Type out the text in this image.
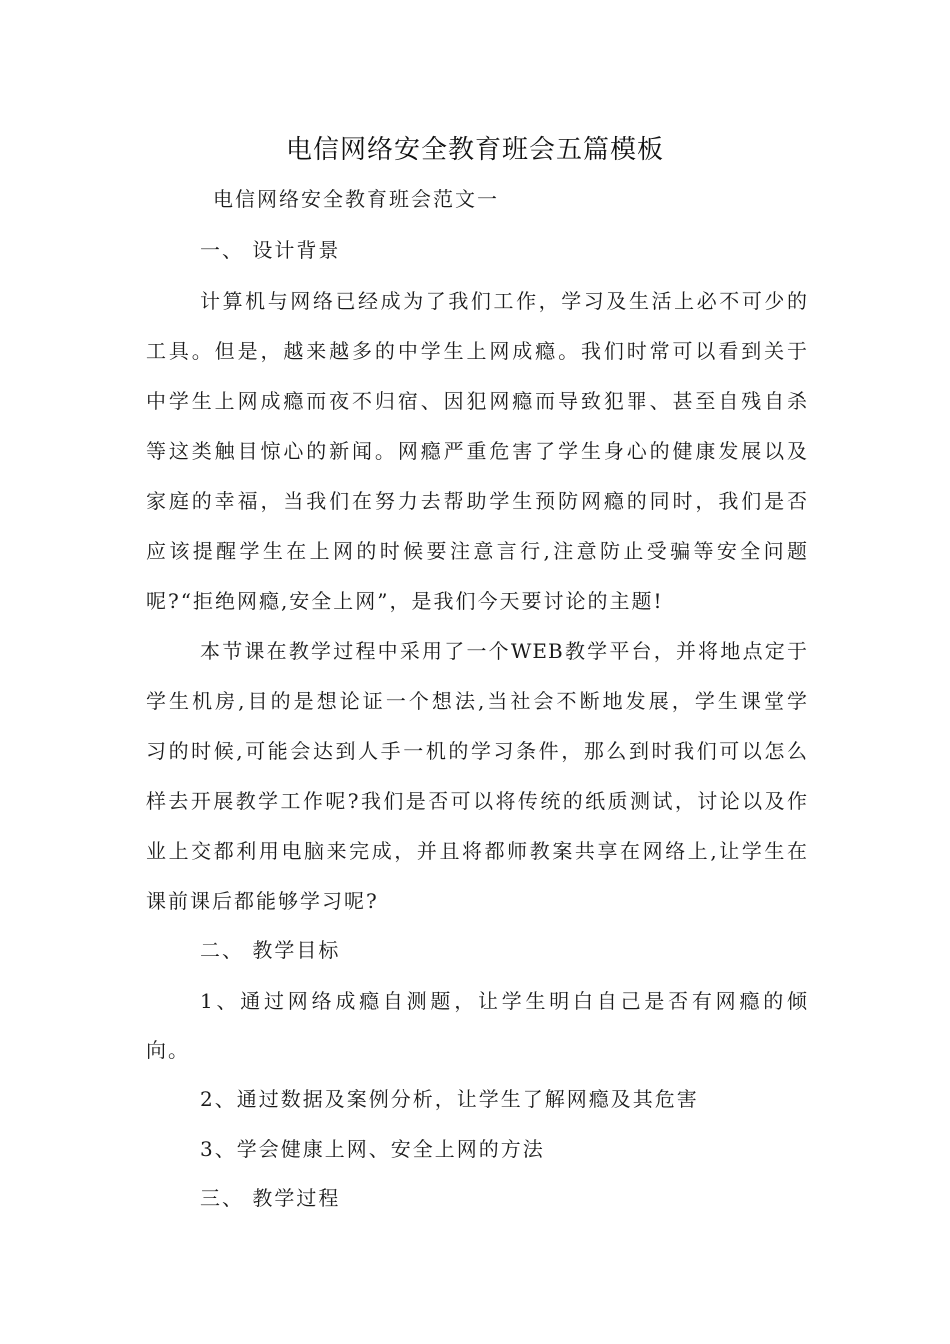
电信网络安全教育班会五篇模板
电信网络安全教育班会范文一
一、 设计背景
计算机与网络已经成为了我们工作，学习及生活上必不可少的
工具。但是，越来越多的中学生上网成瘾。我们时常可以看到关于
中学生上网成瘾而夜不归宿、因犯网瘾而导致犯罪、甚至自残自杀
等这类触目惊心的新闻。网瘾严重危害了学生身心的健康发展以及
家庭的幸福，当我们在努力去帮助学生预防网瘾的同时，我们是否
应该提醒学生在上网的时候要注意言行,注意防止受骗等安全问题
呢?“拒绝网瘾,安全上网”，是我们今天要讨论的主题!
本节课在教学过程中采用了一个WEB教学平台，并将地点定于
学生机房,目的是想论证一个想法,当社会不断地发展，学生课堂学
习的时候,可能会达到人手一机的学习条件，那么到时我们可以怎么
样去开展教学工作呢?我们是否可以将传统的纸质测试，讨论以及作
业上交都利用电脑来完成，并且将都师教案共享在网络上,让学生在
课前课后都能够学习呢?
二、 教学目标
1、通过网络成瘾自测题，让学生明白自己是否有网瘾的倾
向。
2、通过数据及案例分析，让学生了解网瘾及其危害
3、学会健康上网、安全上网的方法
三、 教学过程
